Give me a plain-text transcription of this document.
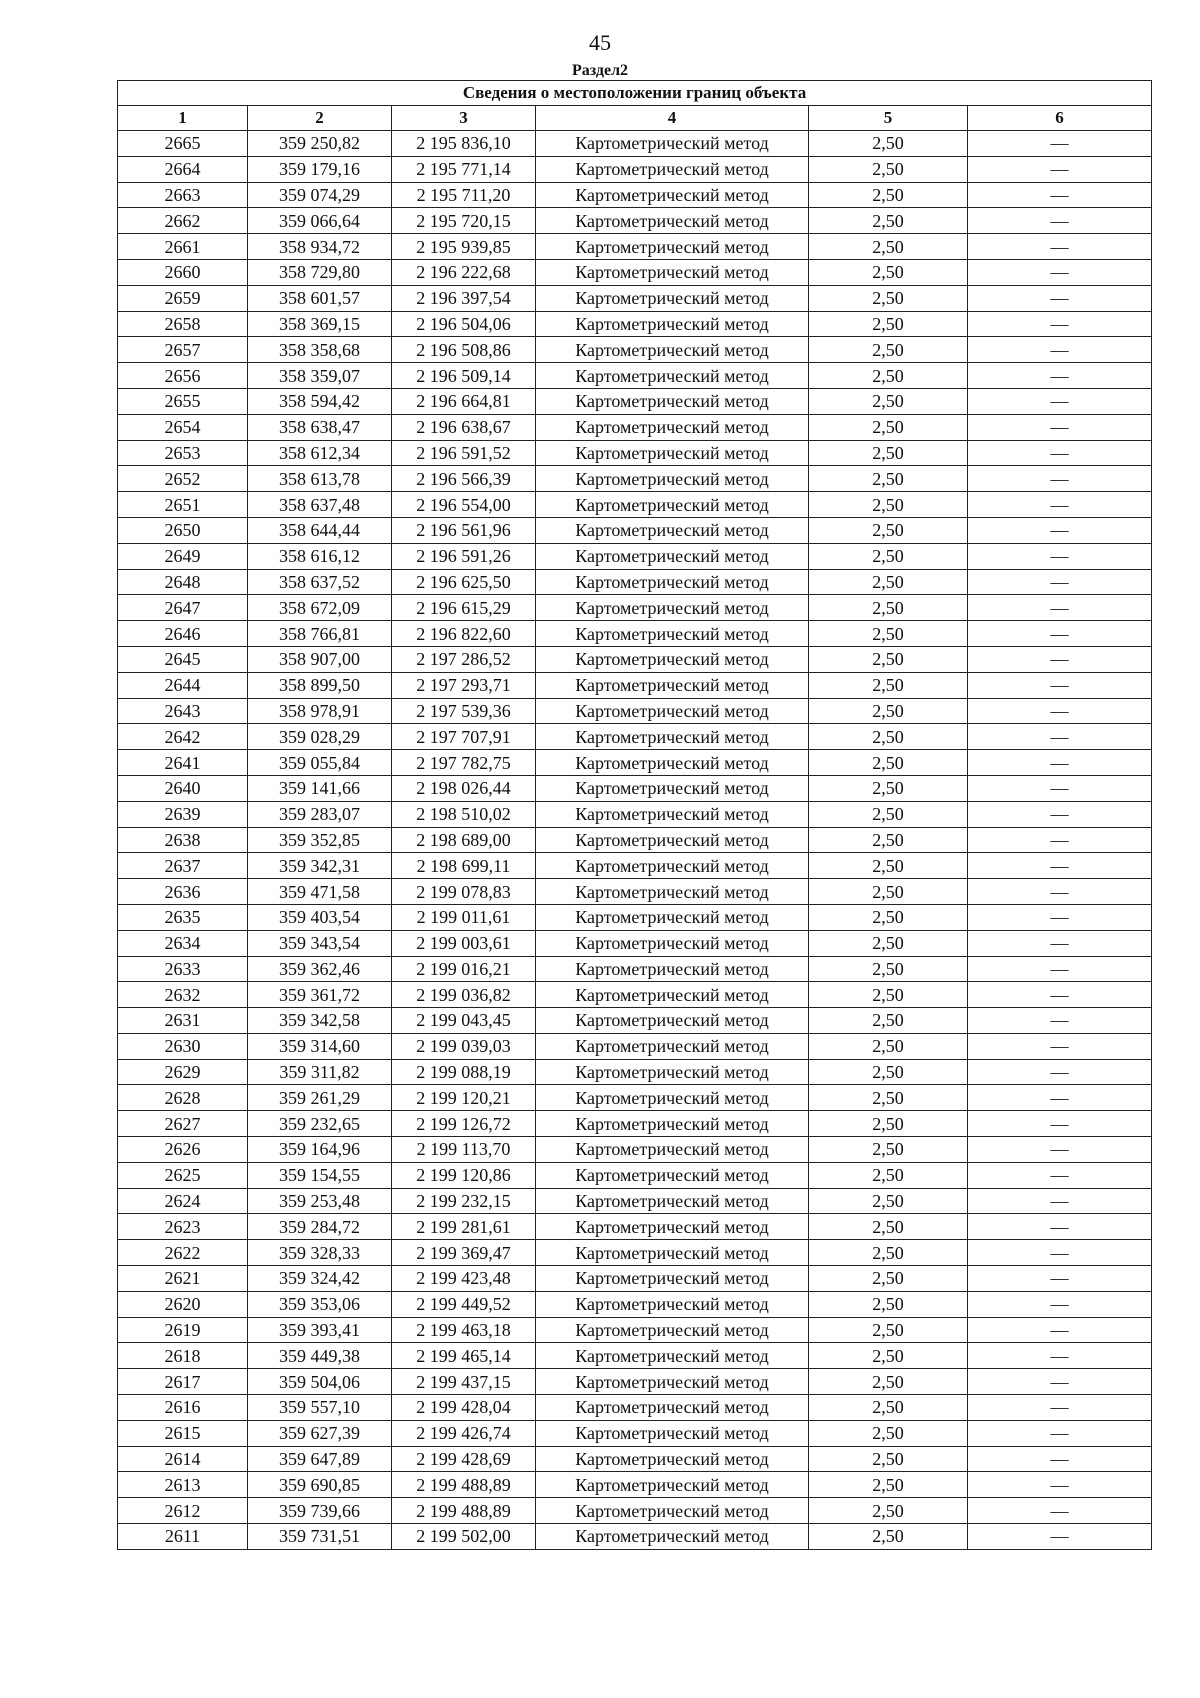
45
Раздел2
Сведения о местоположении границ объекта					
1	2	3	4	5	6
2665	359 250,82	2 195 836,10	Картометрический метод	2,50	—
2664	359 179,16	2 195 771,14	Картометрический метод	2,50	—
2663	359 074,29	2 195 711,20	Картометрический метод	2,50	—
2662	359 066,64	2 195 720,15	Картометрический метод	2,50	—
2661	358 934,72	2 195 939,85	Картометрический метод	2,50	—
2660	358 729,80	2 196 222,68	Картометрический метод	2,50	—
2659	358 601,57	2 196 397,54	Картометрический метод	2,50	—
2658	358 369,15	2 196 504,06	Картометрический метод	2,50	—
2657	358 358,68	2 196 508,86	Картометрический метод	2,50	—
2656	358 359,07	2 196 509,14	Картометрический метод	2,50	—
2655	358 594,42	2 196 664,81	Картометрический метод	2,50	—
2654	358 638,47	2 196 638,67	Картометрический метод	2,50	—
2653	358 612,34	2 196 591,52	Картометрический метод	2,50	—
2652	358 613,78	2 196 566,39	Картометрический метод	2,50	—
2651	358 637,48	2 196 554,00	Картометрический метод	2,50	—
2650	358 644,44	2 196 561,96	Картометрический метод	2,50	—
2649	358 616,12	2 196 591,26	Картометрический метод	2,50	—
2648	358 637,52	2 196 625,50	Картометрический метод	2,50	—
2647	358 672,09	2 196 615,29	Картометрический метод	2,50	—
2646	358 766,81	2 196 822,60	Картометрический метод	2,50	—
2645	358 907,00	2 197 286,52	Картометрический метод	2,50	—
2644	358 899,50	2 197 293,71	Картометрический метод	2,50	—
2643	358 978,91	2 197 539,36	Картометрический метод	2,50	—
2642	359 028,29	2 197 707,91	Картометрический метод	2,50	—
2641	359 055,84	2 197 782,75	Картометрический метод	2,50	—
2640	359 141,66	2 198 026,44	Картометрический метод	2,50	—
2639	359 283,07	2 198 510,02	Картометрический метод	2,50	—
2638	359 352,85	2 198 689,00	Картометрический метод	2,50	—
2637	359 342,31	2 198 699,11	Картометрический метод	2,50	—
2636	359 471,58	2 199 078,83	Картометрический метод	2,50	—
2635	359 403,54	2 199 011,61	Картометрический метод	2,50	—
2634	359 343,54	2 199 003,61	Картометрический метод	2,50	—
2633	359 362,46	2 199 016,21	Картометрический метод	2,50	—
2632	359 361,72	2 199 036,82	Картометрический метод	2,50	—
2631	359 342,58	2 199 043,45	Картометрический метод	2,50	—
2630	359 314,60	2 199 039,03	Картометрический метод	2,50	—
2629	359 311,82	2 199 088,19	Картометрический метод	2,50	—
2628	359 261,29	2 199 120,21	Картометрический метод	2,50	—
2627	359 232,65	2 199 126,72	Картометрический метод	2,50	—
2626	359 164,96	2 199 113,70	Картометрический метод	2,50	—
2625	359 154,55	2 199 120,86	Картометрический метод	2,50	—
2624	359 253,48	2 199 232,15	Картометрический метод	2,50	—
2623	359 284,72	2 199 281,61	Картометрический метод	2,50	—
2622	359 328,33	2 199 369,47	Картометрический метод	2,50	—
2621	359 324,42	2 199 423,48	Картометрический метод	2,50	—
2620	359 353,06	2 199 449,52	Картометрический метод	2,50	—
2619	359 393,41	2 199 463,18	Картометрический метод	2,50	—
2618	359 449,38	2 199 465,14	Картометрический метод	2,50	—
2617	359 504,06	2 199 437,15	Картометрический метод	2,50	—
2616	359 557,10	2 199 428,04	Картометрический метод	2,50	—
2615	359 627,39	2 199 426,74	Картометрический метод	2,50	—
2614	359 647,89	2 199 428,69	Картометрический метод	2,50	—
2613	359 690,85	2 199 488,89	Картометрический метод	2,50	—
2612	359 739,66	2 199 488,89	Картометрический метод	2,50	—
2611	359 731,51	2 199 502,00	Картометрический метод	2,50	—
